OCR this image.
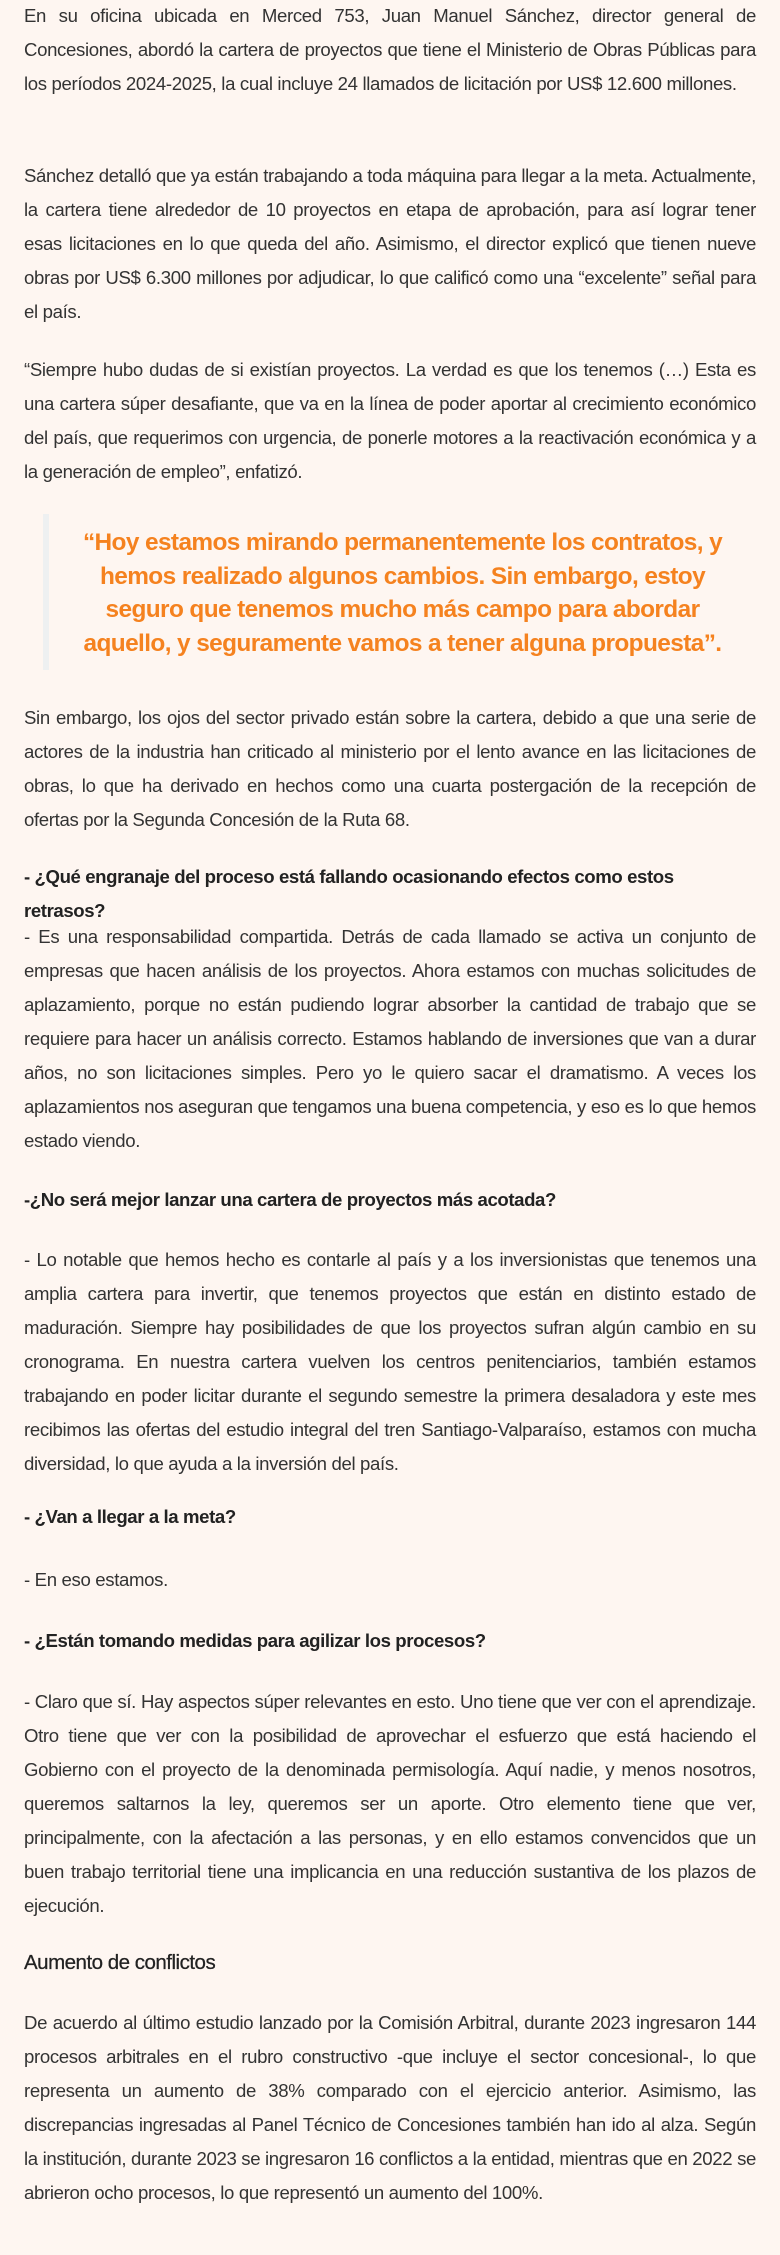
En su oficina ubicada en Merced 753, Juan Manuel Sánchez, director general de Concesiones, abordó la cartera de proyectos que tiene el Ministerio de Obras Públicas para los períodos 2024-2025, la cual incluye 24 llamados de licitación por US$ 12.600 millones.

Sánchez detalló que ya están trabajando a toda máquina para llegar a la meta. Actualmente, la cartera tiene alrededor de 10 proyectos en etapa de aprobación, para así lograr tener esas licitaciones en lo que queda del año. Asimismo, el director explicó que tienen nueve obras por US$ 6.300 millones por adjudicar, lo que calificó como una “excelente” señal para el país.

“Siempre hubo dudas de si existían proyectos. La verdad es que los tenemos (…) Esta es una cartera súper desafiante, que va en la línea de poder aportar al crecimiento económico del país, que requerimos con urgencia, de ponerle motores a la reactivación económica y a la generación de empleo”, enfatizó.

“Hoy estamos mirando permanentemente los contratos, y hemos realizado algunos cambios. Sin embargo, estoy seguro que tenemos mucho más campo para abordar aquello, y seguramente vamos a tener alguna propuesta”.

Sin embargo, los ojos del sector privado están sobre la cartera, debido a que una serie de actores de la industria han criticado al ministerio por el lento avance en las licitaciones de obras, lo que ha derivado en hechos como una cuarta postergación de la recepción de ofertas por la Segunda Concesión de la Ruta 68.

- ¿Qué engranaje del proceso está fallando ocasionando efectos como estos retrasos?

- Es una responsabilidad compartida. Detrás de cada llamado se activa un conjunto de empresas que hacen análisis de los proyectos. Ahora estamos con muchas solicitudes de aplazamiento, porque no están pudiendo lograr absorber la cantidad de trabajo que se requiere para hacer un análisis correcto. Estamos hablando de inversiones que van a durar años, no son licitaciones simples. Pero yo le quiero sacar el dramatismo. A veces los aplazamientos nos aseguran que tengamos una buena competencia, y eso es lo que hemos estado viendo.

-¿No será mejor lanzar una cartera de proyectos más acotada?

- Lo notable que hemos hecho es contarle al país y a los inversionistas que tenemos una amplia cartera para invertir, que tenemos proyectos que están en distinto estado de maduración. Siempre hay posibilidades de que los proyectos sufran algún cambio en su cronograma. En nuestra cartera vuelven los centros penitenciarios, también estamos trabajando en poder licitar durante el segundo semestre la primera desaladora y este mes recibimos las ofertas del estudio integral del tren Santiago-Valparaíso, estamos con mucha diversidad, lo que ayuda a la inversión del país.

- ¿Van a llegar a la meta?

- En eso estamos.

- ¿Están tomando medidas para agilizar los procesos?

- Claro que sí. Hay aspectos súper relevantes en esto. Uno tiene que ver con el aprendizaje. Otro tiene que ver con la posibilidad de aprovechar el esfuerzo que está haciendo el Gobierno con el proyecto de la denominada permisología. Aquí nadie, y menos nosotros, queremos saltarnos la ley, queremos ser un aporte. Otro elemento tiene que ver, principalmente, con la afectación a las personas, y en ello estamos convencidos que un buen trabajo territorial tiene una implicancia en una reducción sustantiva de los plazos de ejecución.

Aumento de conflictos

De acuerdo al último estudio lanzado por la Comisión Arbitral, durante 2023 ingresaron 144 procesos arbitrales en el rubro constructivo -que incluye el sector concesional-, lo que representa un aumento de 38% comparado con el ejercicio anterior. Asimismo, las discrepancias ingresadas al Panel Técnico de Concesiones también han ido al alza. Según la institución, durante 2023 se ingresaron 16 conflictos a la entidad, mientras que en 2022 se abrieron ocho procesos, lo que representó un aumento del 100%.
